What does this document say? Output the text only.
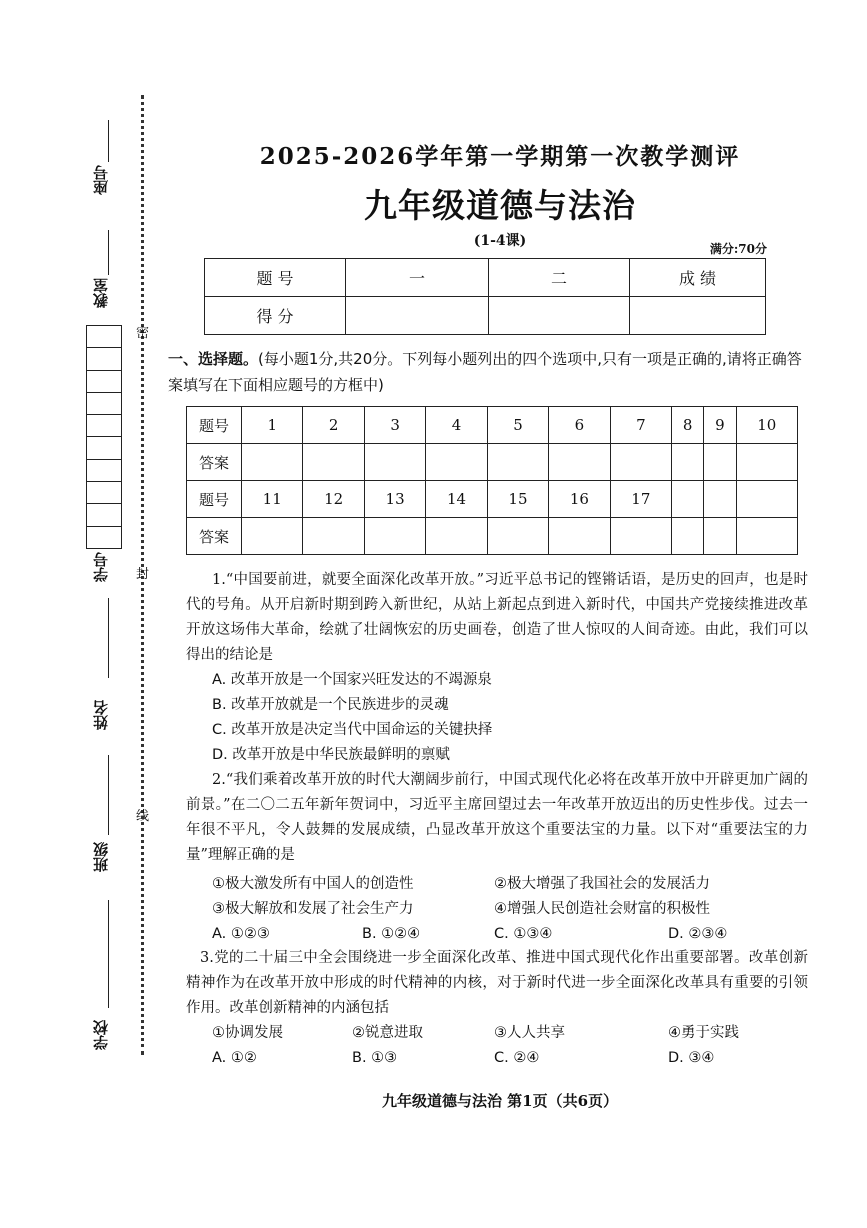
座号
教室
密
学号 封
姓名
线
班级
学校
2025-2026学年第一学期第一次教学测评
九年级道德与法治
(1-4课)	满分:70分
题 号	一	二	成 绩
得 分			
一、选择题。(每小题1分,共20分。下列每小题列出的四个选项中,只有一项是正确的,请将正确答案填写在下面相应题号的方框中)
题号	1	2	3	4	5	6	7	8	9	10
答案										
题号	11	12	13	14	15	16	17			
答案										
1.“中国要前进，就要全面深化改革开放。”习近平总书记的铿锵话语，是历史的回声，也是时代的号角。从开启新时期到跨入新世纪，从站上新起点到进入新时代，中国共产党接续推进改革开放这场伟大革命，绘就了壮阔恢宏的历史画卷，创造了世人惊叹的人间奇迹。由此，我们可以得出的结论是
A. 改革开放是一个国家兴旺发达的不竭源泉
B. 改革开放就是一个民族进步的灵魂
C. 改革开放是决定当代中国命运的关键抉择
D. 改革开放是中华民族最鲜明的禀赋
2.“我们乘着改革开放的时代大潮阔步前行，中国式现代化必将在改革开放中开辟更加广阔的前景。”在二〇二五年新年贺词中，习近平主席回望过去一年改革开放迈出的历史性步伐。过去一年很不平凡，令人鼓舞的发展成绩，凸显改革开放这个重要法宝的力量。以下对“重要法宝的力量”理解正确的是
①极大激发所有中国人的创造性	②极大增强了我国社会的发展活力
③极大解放和发展了社会生产力	④增强人民创造社会财富的积极性
A. ①②③	B. ①②④	C. ①③④	D. ②③④
3.党的二十届三中全会围绕进一步全面深化改革、推进中国式现代化作出重要部署。改革创新精神作为在改革开放中形成的时代精神的内核，对于新时代进一步全面深化改革具有重要的引领作用。改革创新精神的内涵包括
①协调发展	②锐意进取	③人人共享	④勇于实践
A. ①②	B. ①③	C. ②④	D. ③④
九年级道德与法治 第1页（共6页）
